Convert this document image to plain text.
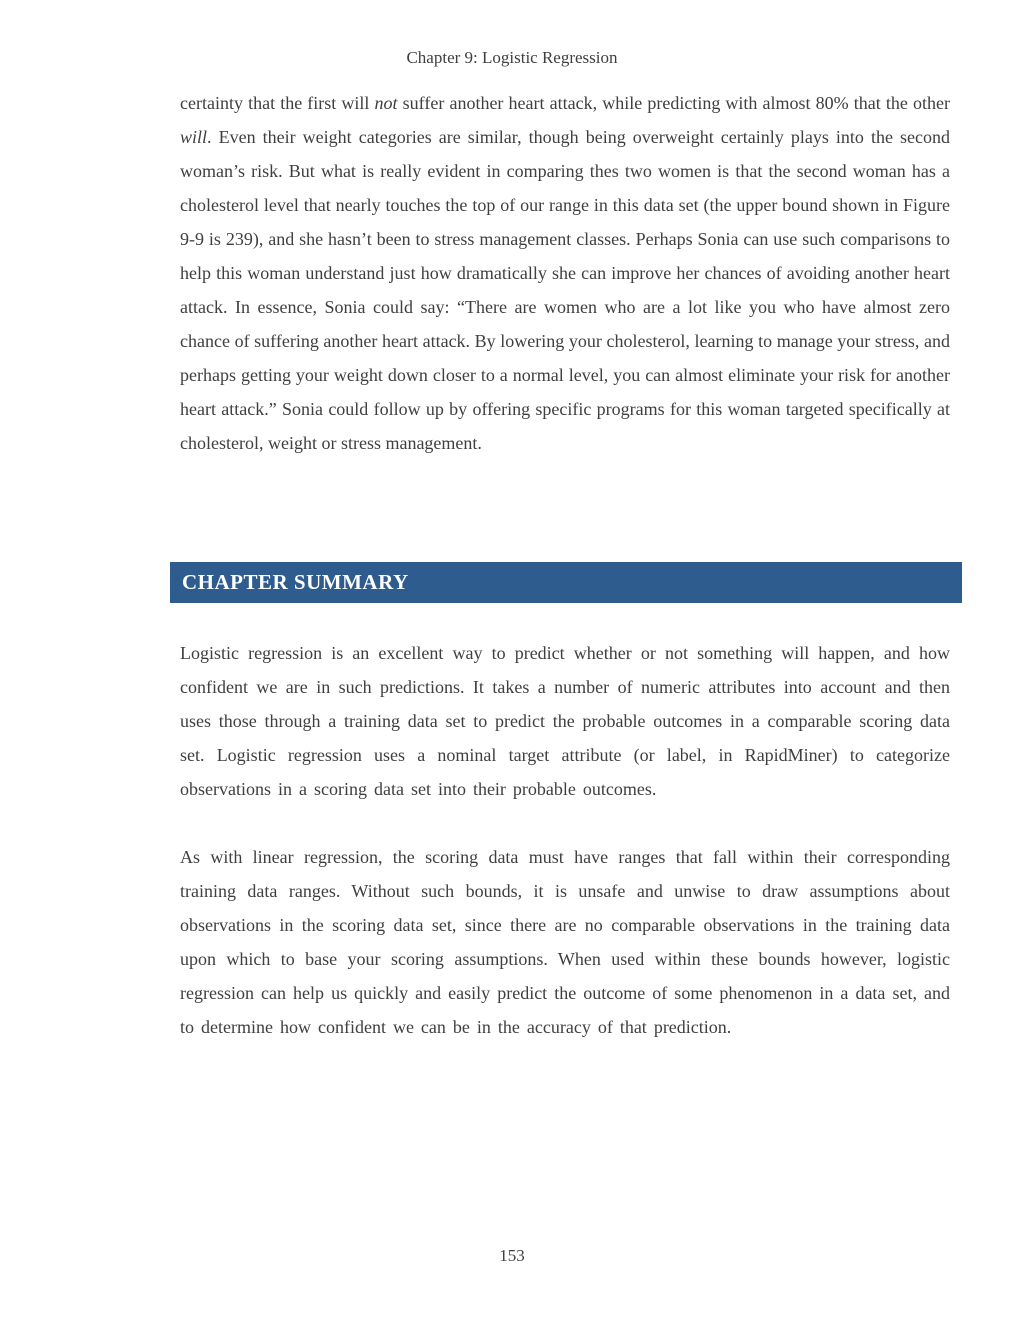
Chapter 9: Logistic Regression

certainty that the first will not suffer another heart attack, while predicting with almost 80% that the other will. Even their weight categories are similar, though being overweight certainly plays into the second woman’s risk. But what is really evident in comparing thes two women is that the second woman has a cholesterol level that nearly touches the top of our range in this data set (the upper bound shown in Figure 9-9 is 239), and she hasn’t been to stress management classes. Perhaps Sonia can use such comparisons to help this woman understand just how dramatically she can improve her chances of avoiding another heart attack. In essence, Sonia could say: “There are women who are a lot like you who have almost zero chance of suffering another heart attack. By lowering your cholesterol, learning to manage your stress, and perhaps getting your weight down closer to a normal level, you can almost eliminate your risk for another heart attack.” Sonia could follow up by offering specific programs for this woman targeted specifically at cholesterol, weight or stress management.

CHAPTER SUMMARY

Logistic regression is an excellent way to predict whether or not something will happen, and how confident we are in such predictions. It takes a number of numeric attributes into account and then uses those through a training data set to predict the probable outcomes in a comparable scoring data set. Logistic regression uses a nominal target attribute (or label, in RapidMiner) to categorize observations in a scoring data set into their probable outcomes.

As with linear regression, the scoring data must have ranges that fall within their corresponding training data ranges. Without such bounds, it is unsafe and unwise to draw assumptions about observations in the scoring data set, since there are no comparable observations in the training data upon which to base your scoring assumptions. When used within these bounds however, logistic regression can help us quickly and easily predict the outcome of some phenomenon in a data set, and to determine how confident we can be in the accuracy of that prediction.

153
